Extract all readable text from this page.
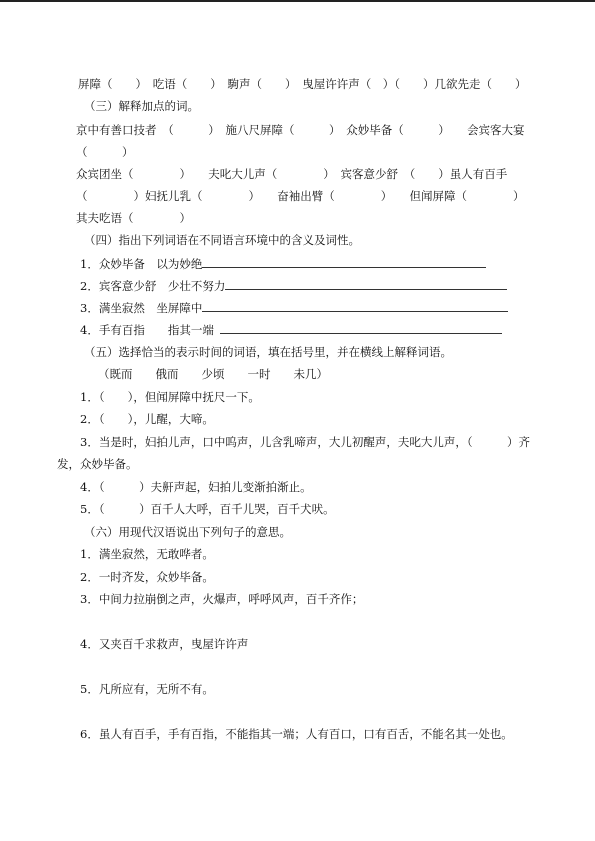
屏障（　　）　吃语（　　）　駒声（　　）　曳屋许许声（　）（　　）几欲先走（　　）
（三）解释加点的词。
京中有善口技者　（　　　）　施八尺屏障（　　　）　众妙毕备（　　　）　　会宾客大宴
（　　　）
众宾团坐（　　　　）　　夫叱大儿声（　　　　）　宾客意少舒　（　　）虽人有百手
（　　　　）妇抚儿乳（　　　　）　　奋袖出臂（　　　　）　　但闻屏障（　　　　）
其夫吃语（　　　　）
（四）指出下列词语在不同语言环境中的含义及词性。
1．众妙毕备　以为妙绝
2．宾客意少舒　少壮不努力
3．满坐寂然　坐屏障中
4．手有百指　　指其一端
（五）选择恰当的表示时间的词语，填在括号里，并在横线上解释词语。
（既而　　俄而　　少顷　　一时　　未几）
1．（　　），但闻屏障中抚尺一下。
2．（　　），儿醒，大啼。
3．当是时，妇拍儿声，口中呜声，儿含乳啼声，大儿初醒声，夫叱大儿声，（　　　）齐
发，众妙毕备。
4．（　　　）夫鼾声起，妇拍儿变渐拍渐止。
5．（　　　）百千人大呼，百千儿哭，百千犬吠。
（六）用现代汉语说出下列句子的意思。
1．满坐寂然，无敢哗者。
2．一时齐发，众妙毕备。
3．中间力拉崩倒之声，火爆声，呼呼风声，百千齐作；
4．又夹百千求救声，曳屋许许声
5．凡所应有，无所不有。
6．虽人有百手，手有百指，不能指其一端；人有百口，口有百舌，不能名其一处也。
